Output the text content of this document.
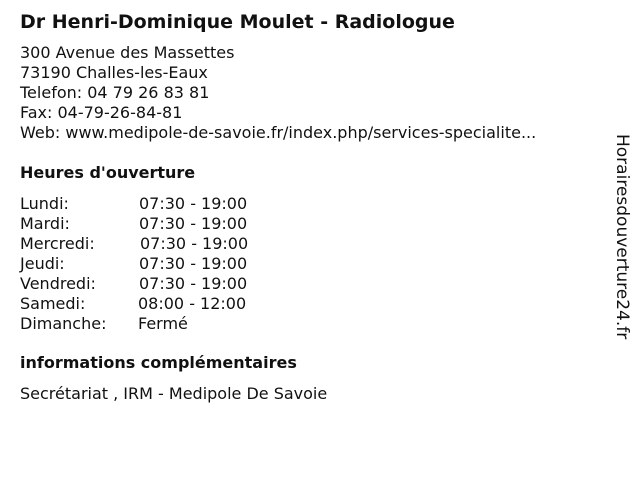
Dr Henri-Dominique Moulet - Radiologue
300 Avenue des Massettes
73190 Challes-les-Eaux
Telefon: 04 79 26 83 81
Fax: 04-79-26-84-81
Web: www.medipole-de-savoie.fr/index.php/services-specialite...
Heures d'ouverture
Lundi:	07:30 - 19:00
Mardi:	07:30 - 19:00
Mercredi:	07:30 - 19:00
Jeudi:	07:30 - 19:00
Vendredi:	07:30 - 19:00
Samedi:	08:00 - 12:00
Dimanche: Fermé
informations complémentaires
Secrétariat , IRM - Medipole De Savoie
Horairesdouverture24.fr
